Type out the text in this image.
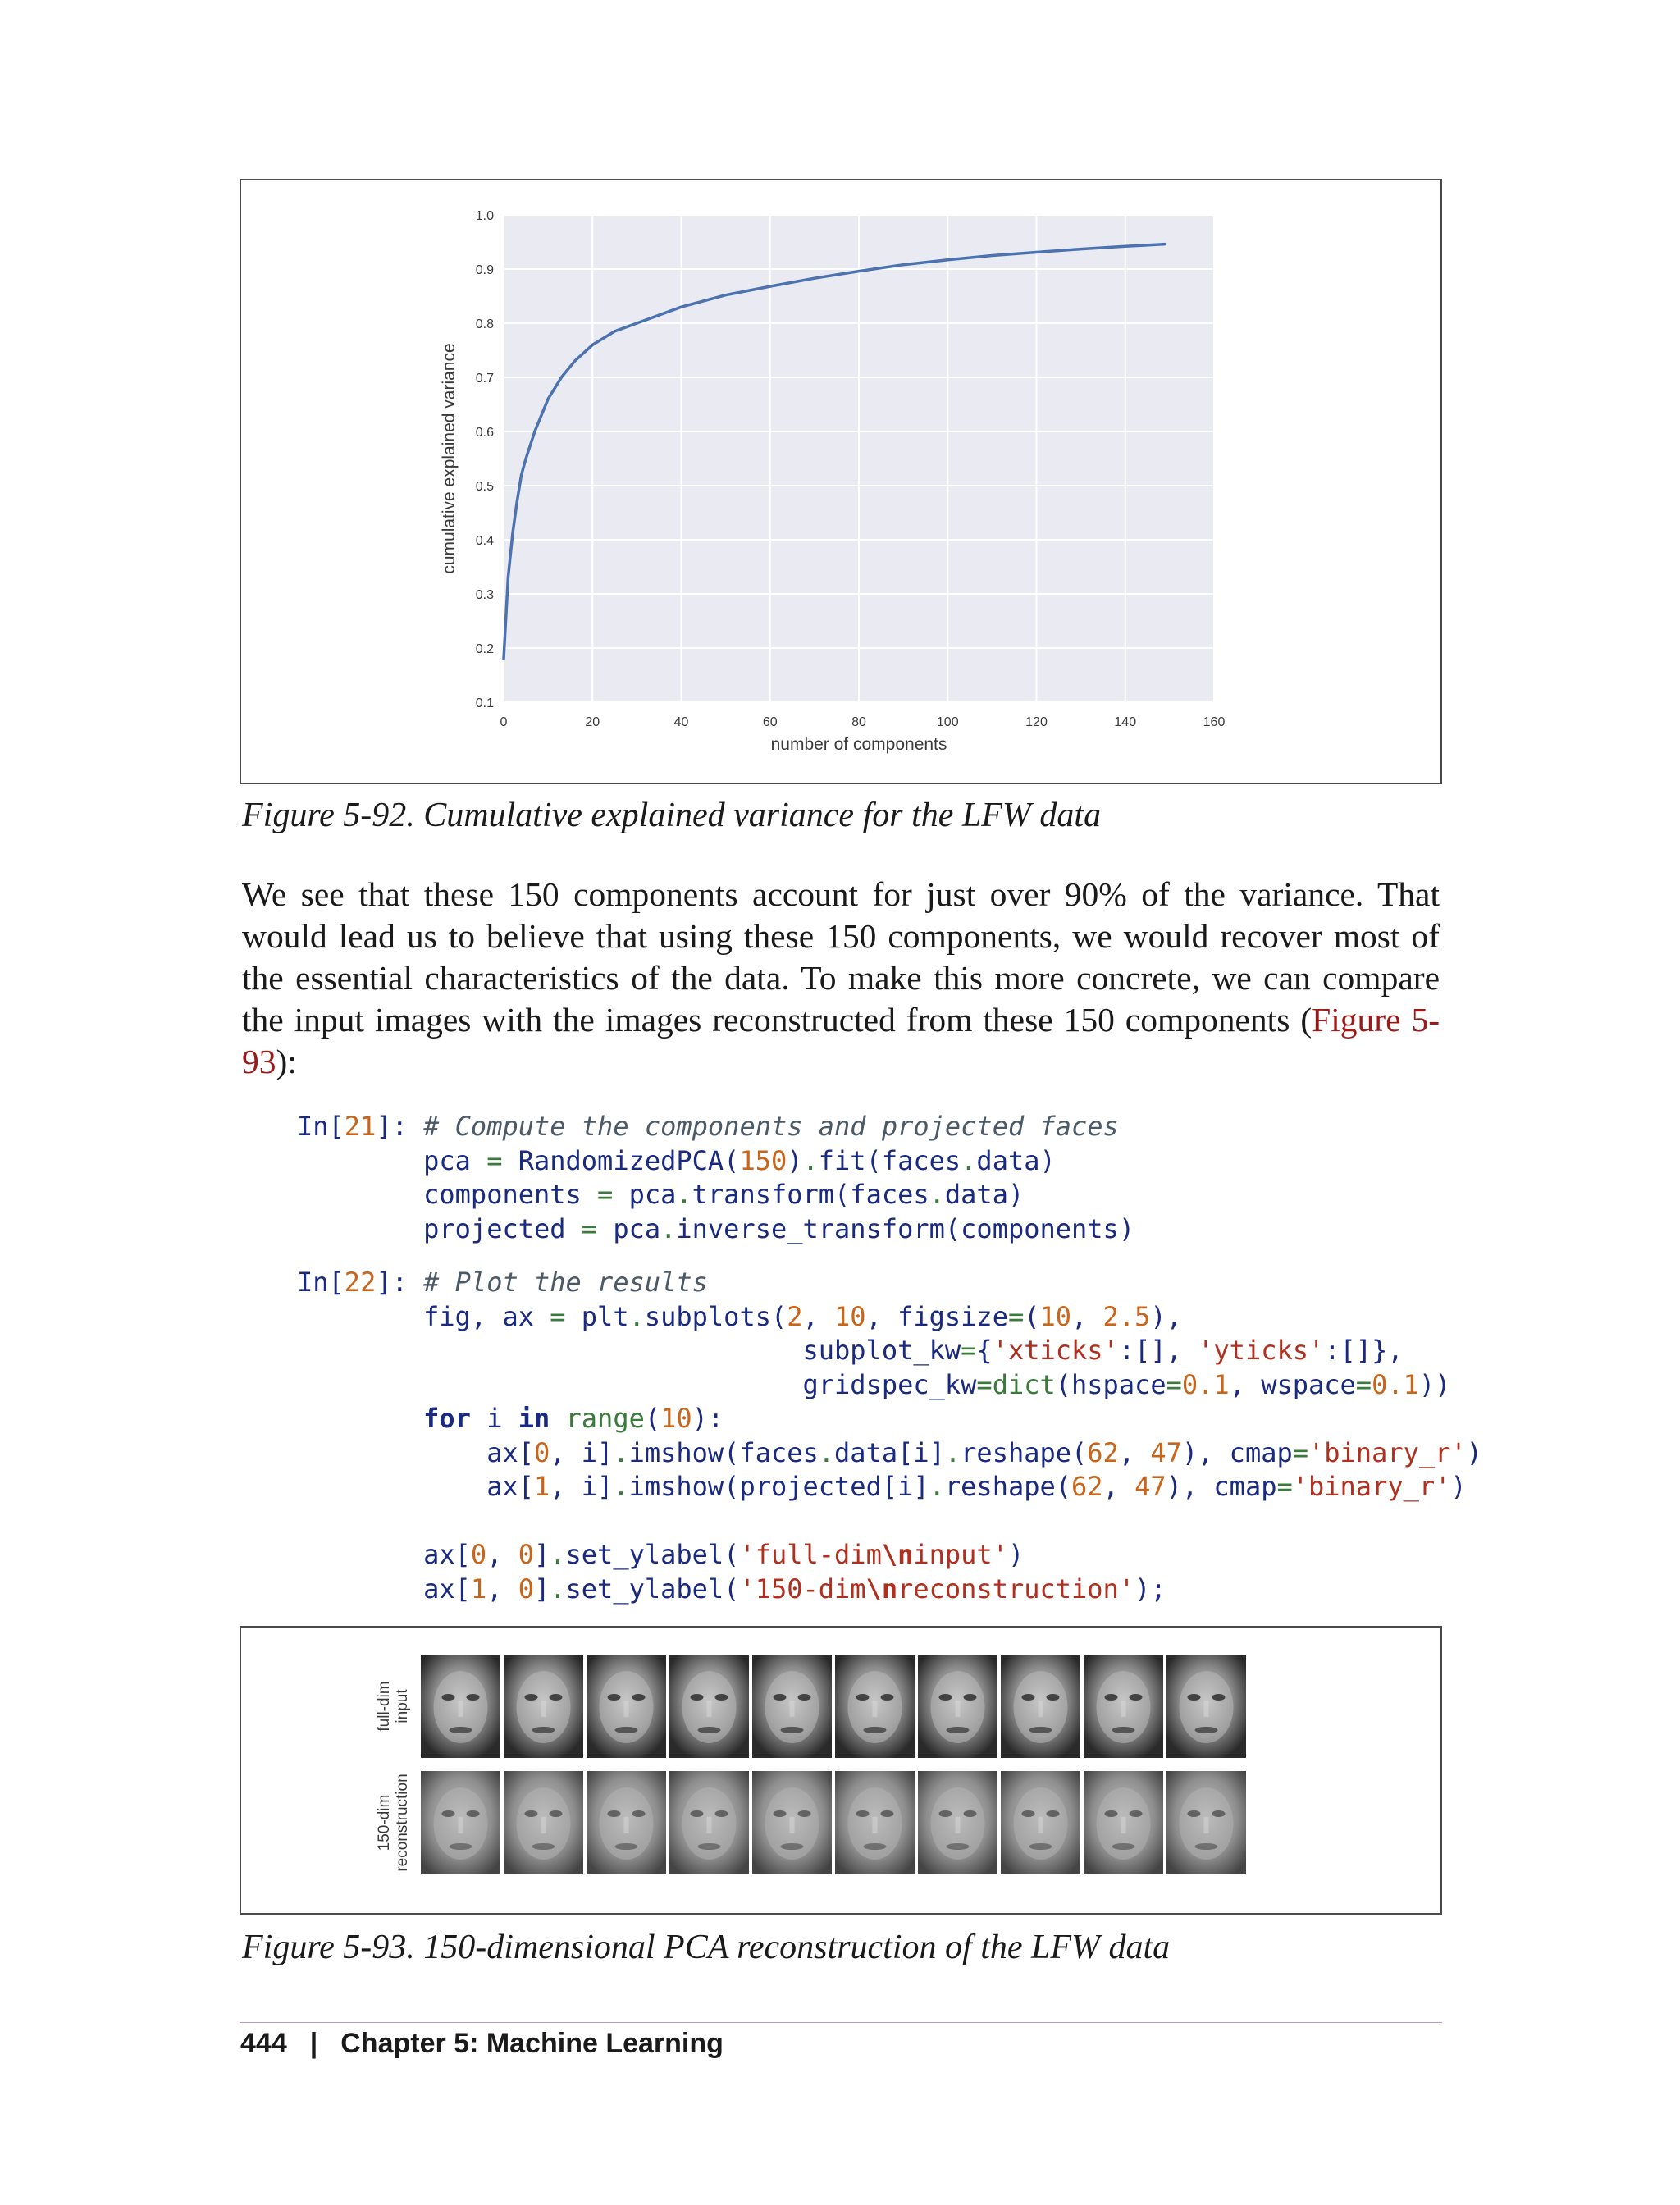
0	20	40	60	80	100	120	140	160
0.1
0.2
0.3
0.4
0.5
0.6
0.7
0.8
0.9
1.0
number of components
cumulative explained variance
Figure 5-92. Cumulative explained variance for the LFW data

We see that these 150 components account for just over 90% of the variance. That would lead us to believe that using these 150 components, we would recover most of the essential characteristics of the data. To make this more concrete, we can compare the input images with the images reconstructed from these 150 components (Figure 5-93):

In[21]: # Compute the components and projected faces
pca = RandomizedPCA(150).fit(faces.data)
components = pca.transform(faces.data)
projected = pca.inverse_transform(components)
In[22]: # Plot the results
fig, ax = plt.subplots(2, 10, figsize=(10, 2.5),
subplot_kw={'xticks':[], 'yticks':[]},
gridspec_kw=dict(hspace=0.1, wspace=0.1))
for i in range(10):
ax[0, i].imshow(faces.data[i].reshape(62, 47), cmap='binary_r')
ax[1, i].imshow(projected[i].reshape(62, 47), cmap='binary_r')

ax[0, 0].set_ylabel('full-dim\ninput')
ax[1, 0].set_ylabel('150-dim\nreconstruction');
full-diminput
150-dimreconstruction
Figure 5-93. 150-dimensional PCA reconstruction of the LFW data
444 | Chapter 5: Machine Learning
